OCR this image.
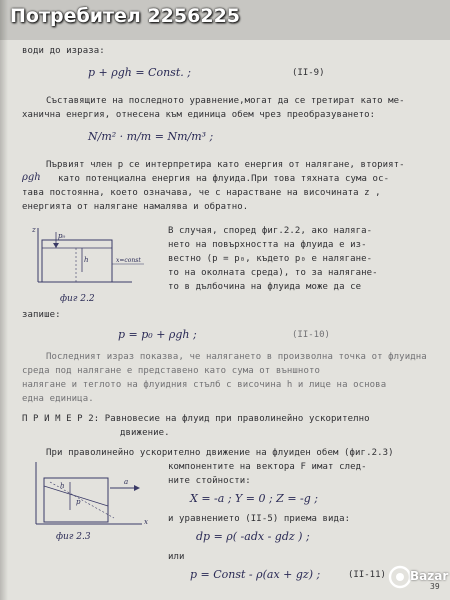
Потребител 2256225
води до израза:
p + ρgh = Const. ;	(II-9)
Съставящите на последното уравнение,могат да се третират като ме-
ханична енергия, отнесена към единица обем чрез преобразуването:
N/m² · m/m = Nm/m³ ;
Първият член p се интерпретира като енергия от налягане, вторият-
ρgh като потенциална енергия на флуида.При това тяхната сума ос-
тава постоянна, което означава, че с нарастване на височината z ,
енергията от налягане намалява и обратно.
p₀
h
z
x=const
фиг 2.2
В случая, според фиг.2.2, ако наляга-
нето на повърхността на флуида е из-
вестно (p = p₀, където p₀ е налягане-
то на околната среда), то за налягане-
то в дълбочина на флуида може да се
запише:
p = p₀ + ρgh ;	(II-10)
Последният израз показва, че налягането в произволна точка от флуидна
среда под налягане е представено като сума от външното
налягане и теглото на флуидния стълб с височина h и лице на основа
една единица.
П Р И М Е Р 2: Равновесие на флуид при праволинейно ускорително
движение.
При праволинейно ускорително движение на флуиден обем (фиг.2.3)
h
p
a
x
фиг 2.3
компонентите на вектора F имат след-
ните стойности:
X = -a ; Y = 0 ; Z = -g ;
и уравнението (II-5) приема вида:
dp = ρ( -adx - gdz ) ;
или
p = Const - ρ(ax + gz) ;	(II-11)
39
Bazar
